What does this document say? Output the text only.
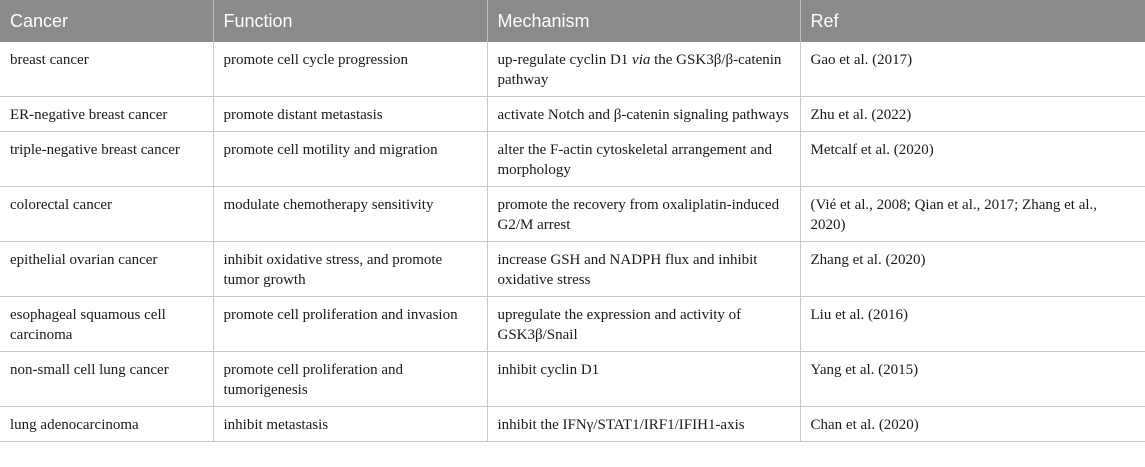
Cancer	Function	Mechanism	Ref
breast cancer	promote cell cycle progression	up-regulate cyclin D1 via the GSK3β/β-catenin pathway	Gao et al. (2017)
ER-negative breast cancer	promote distant metastasis	activate Notch and β-catenin signaling pathways	Zhu et al. (2022)
triple-negative breast cancer	promote cell motility and migration	alter the F-actin cytoskeletal arrangement and morphology	Metcalf et al. (2020)
colorectal cancer	modulate chemotherapy sensitivity	promote the recovery from oxaliplatin-induced G2/M arrest	(Vié et al., 2008; Qian et al., 2017; Zhang et al., 2020)
epithelial ovarian cancer	inhibit oxidative stress, and promote tumor growth	increase GSH and NADPH flux and inhibit oxidative stress	Zhang et al. (2020)
esophageal squamous cell carcinoma	promote cell proliferation and invasion	upregulate the expression and activity of GSK3β/Snail	Liu et al. (2016)
non-small cell lung cancer	promote cell proliferation and tumorigenesis	inhibit cyclin D1	Yang et al. (2015)
lung adenocarcinoma	inhibit metastasis	inhibit the IFNγ/STAT1/IRF1/IFIH1-axis	Chan et al. (2020)
